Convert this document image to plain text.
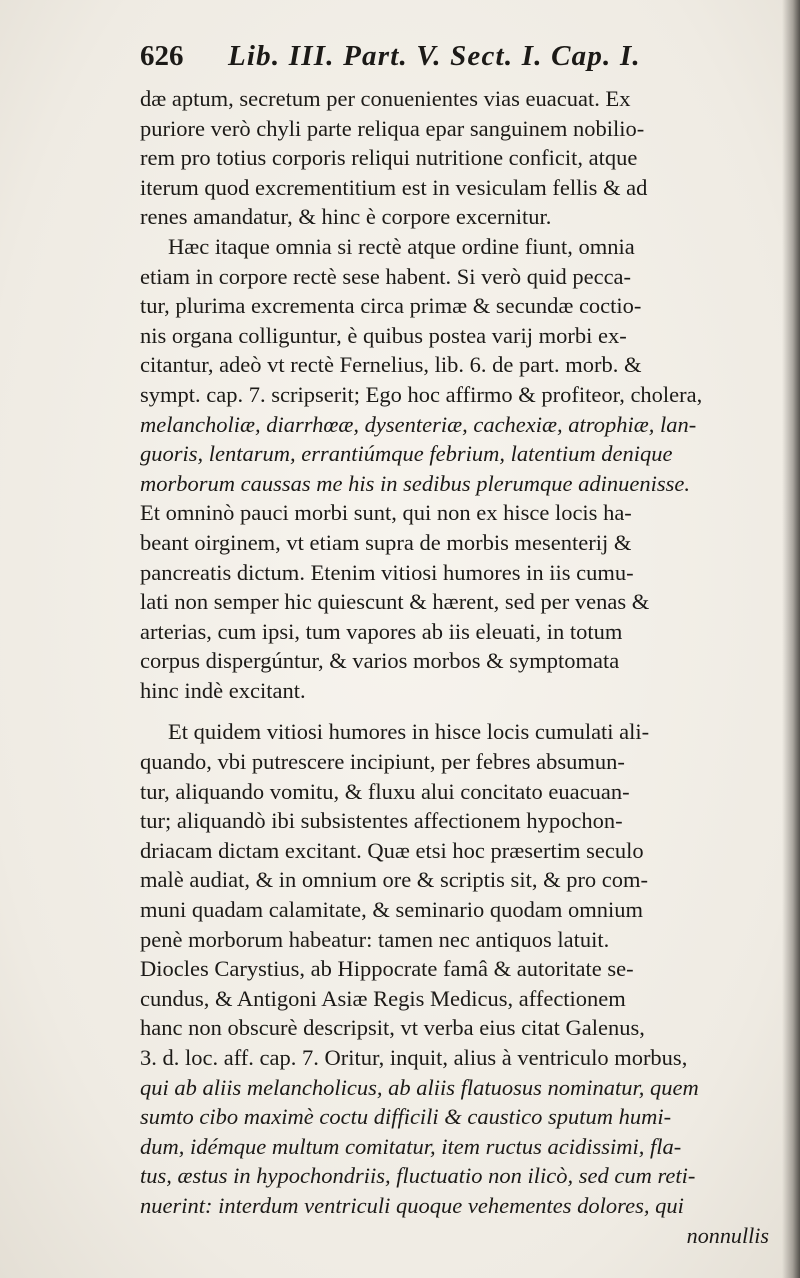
626 Lib. III. Part. V. Sect. I. Cap. I.
dæ aptum, secretum per conuenientes vias euacuat. Ex
puriore verò chyli parte reliqua epar sanguinem nobilio-
rem pro totius corporis reliqui nutritione conficit, atque
iterum quod excrementitium est in vesiculam fellis & ad
renes amandatur, & hinc è corpore excernitur.
Hæc itaque omnia si rectè atque ordine fiunt, omnia
etiam in corpore rectè sese habent. Si verò quid pecca-
tur, plurima excrementa circa primæ & secundæ coctio-
nis organa colliguntur, è quibus postea varij morbi ex-
citantur, adeò vt rectè Fernelius, lib. 6. de part. morb. &
sympt. cap. 7. scripserit; Ego hoc affirmo & profiteor, cholera,
melancholiæ, diarrhœæ, dysenteriæ, cachexiæ, atrophiæ, lan-
guoris, lentarum, errantiúmque febrium, latentium denique
morborum caussas me his in sedibus plerumque adinuenisse.
Et omninò pauci morbi sunt, qui non ex hisce locis ha-
beant oirginem, vt etiam supra de morbis mesenterij &
pancreatis dictum. Etenim vitiosi humores in iis cumu-
lati non semper hic quiescunt & hærent, sed per venas &
arterias, cum ipsi, tum vapores ab iis eleuati, in totum
corpus dispergúntur, & varios morbos & symptomata
hinc indè excitant.
Et quidem vitiosi humores in hisce locis cumulati ali-
quando, vbi putrescere incipiunt, per febres absumun-
tur, aliquando vomitu, & fluxu alui concitato euacuan-
tur; aliquandò ibi subsistentes affectionem hypochon-
driacam dictam excitant. Quæ etsi hoc præsertim seculo
malè audiat, & in omnium ore & scriptis sit, & pro com-
muni quadam calamitate, & seminario quodam omnium
penè morborum habeatur: tamen nec antiquos latuit.
Diocles Carystius, ab Hippocrate famâ & autoritate se-
cundus, & Antigoni Asiæ Regis Medicus, affectionem
hanc non obscurè descripsit, vt verba eius citat Galenus,
3. d. loc. aff. cap. 7. Oritur, inquit, alius à ventriculo morbus,
qui ab aliis melancholicus, ab aliis flatuosus nominatur, quem
sumto cibo maximè coctu difficili & caustico sputum humi-
dum, idémque multum comitatur, item ructus acidissimi, fla-
tus, æstus in hypochondriis, fluctuatio non ilicò, sed cum reti-
nuerint: interdum ventriculi quoque vehementes dolores, qui
nonnullis
